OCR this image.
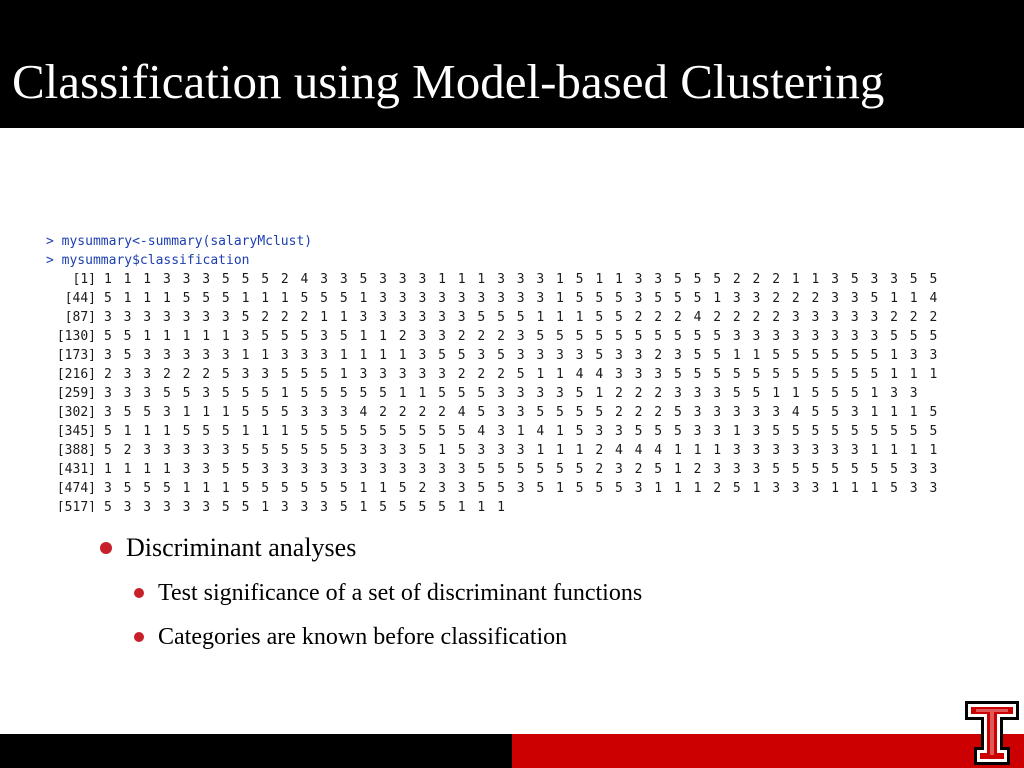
Classification using Model-based Clustering
> mysummary<-summary(salaryMclust)
> mysummary$classification
[1] 1 1 1 3 3 3 5 5 5 2 4 3 3 5 3 3 3 1 1 1 3 3 3 1 5 1 1 3 3 5 5 5 2 2 2 1 1 3 5 3 3 5 5
[44] 5 1 1 1 5 5 5 1 1 1 5 5 5 1 3 3 3 3 3 3 3 3 3 1 5 5 5 3 5 5 5 1 3 3 2 2 2 3 3 5 1 1 4
[87] 3 3 3 3 3 3 3 5 2 2 2 1 1 3 3 3 3 3 3 5 5 5 1 1 1 5 5 2 2 2 4 2 2 2 2 3 3 3 3 3 2 2 2
[130] 5 5 1 1 1 1 1 3 5 5 5 3 5 1 1 2 3 3 2 2 2 3 5 5 5 5 5 5 5 5 5 5 3 3 3 3 3 3 3 3 5 5 5
[173] 3 5 3 3 3 3 3 1 1 3 3 3 1 1 1 1 3 5 5 3 5 3 3 3 3 5 3 3 2 3 5 5 1 1 5 5 5 5 5 5 1 3 3
[216] 2 3 3 2 2 2 5 3 3 5 5 5 1 3 3 3 3 3 2 2 2 5 1 1 4 4 3 3 3 5 5 5 5 5 5 5 5 5 5 5 1 1 1
[259] 3 3 3 5 5 3 5 5 5 1 5 5 5 5 5 1 1 5 5 5 3 3 3 3 5 1 2 2 2 3 3 3 5 5 1 1 5 5 5 1 3 3
[302] 3 5 5 3 1 1 1 5 5 5 3 3 3 4 2 2 2 2 4 5 3 3 5 5 5 5 2 2 2 5 3 3 3 3 3 4 5 5 3 1 1 1 5
[345] 5 1 1 1 5 5 5 1 1 1 5 5 5 5 5 5 5 5 5 4 3 1 4 1 5 3 3 5 5 5 3 3 1 3 5 5 5 5 5 5 5 5 5
[388] 5 2 3 3 3 3 3 5 5 5 5 5 5 3 3 3 5 1 5 3 3 3 1 1 1 2 4 4 4 1 1 1 3 3 3 3 3 3 3 1 1 1 1
[431] 1 1 1 1 3 3 5 5 3 3 3 3 3 3 3 3 3 3 3 5 5 5 5 5 5 2 3 2 5 1 2 3 3 3 5 5 5 5 5 5 5 3 3
[474] 3 5 5 5 1 1 1 5 5 5 5 5 5 1 1 5 2 3 3 5 5 3 5 1 5 5 5 3 1 1 1 2 5 1 3 3 3 1 1 1 5 3 3
[517] 5 3 3 3 3 3 5 5 1 3 3 3 5 1 5 5 5 5 1 1 1
Discriminant analyses
Test significance of a set of discriminant functions
Categories are known before classification
